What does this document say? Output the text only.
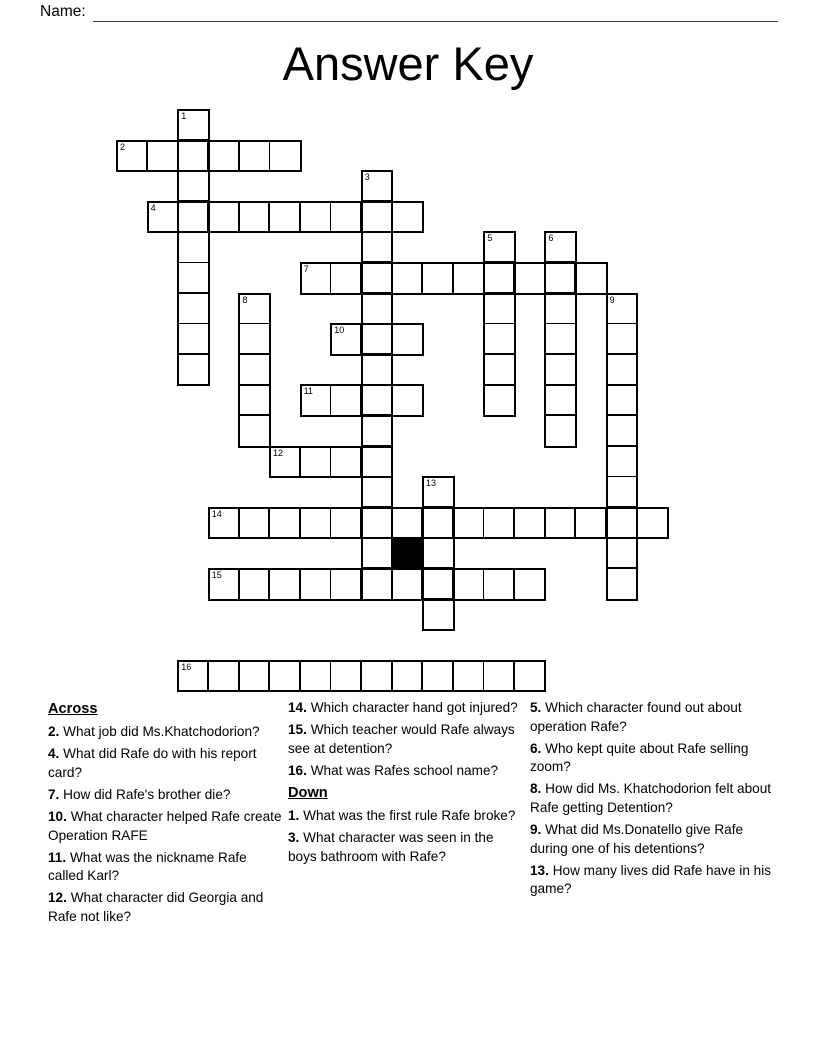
Name:
Answer Key
1
2
3
4
5	6
7
8	9
10
11
12
13
14
15
16
Across

2. What job did Ms.Khatchodorion?

4. What did Rafe do with his report card?

7. How did Rafe's brother die?

10. What character helped Rafe create Operation RAFE

11. What was the nickname Rafe called Karl?

12. What character did Georgia and Rafe not like?

14. Which character hand got injured?

15. Which teacher would Rafe always see at detention?

16. What was Rafes school name?

Down

1. What was the first rule Rafe broke?

3. What character was seen in the boys bathroom with Rafe?

5. Which character found out about operation Rafe?

6. Who kept quite about Rafe selling zoom?

8. How did Ms. Khatchodorion felt about Rafe getting Detention?

9. What did Ms.Donatello give Rafe during one of his detentions?

13. How many lives did Rafe have in his game?
